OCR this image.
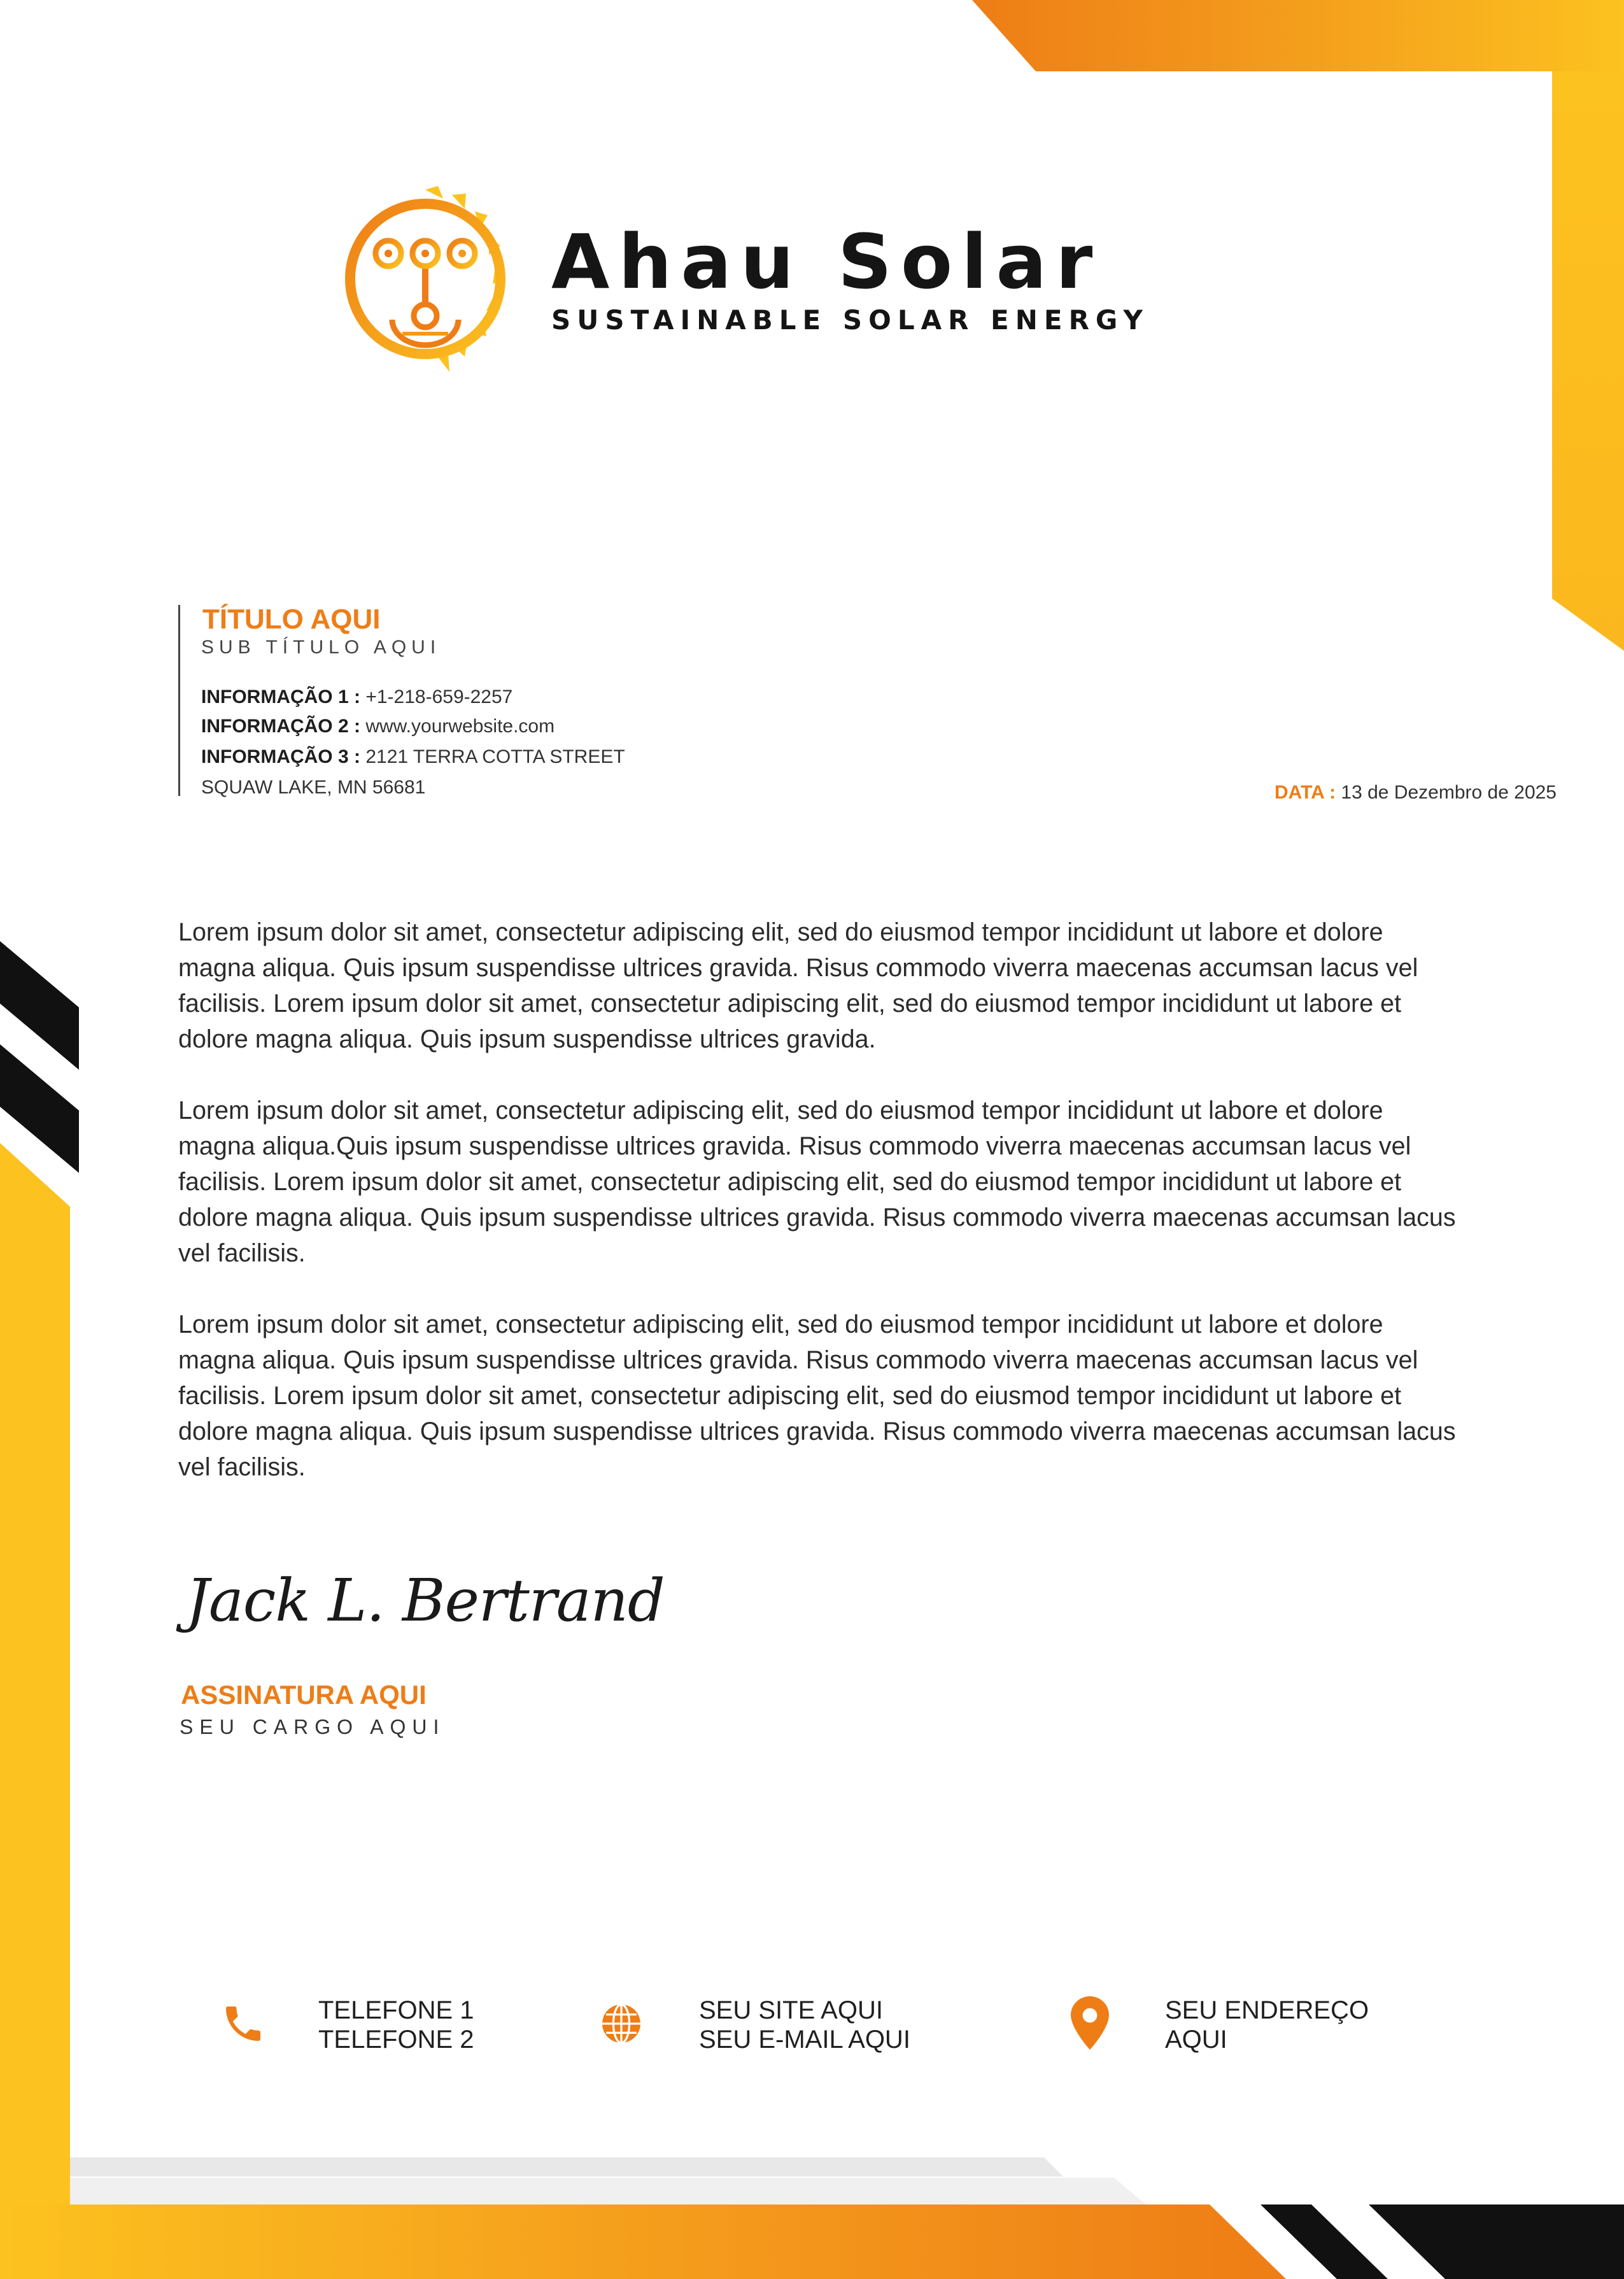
Ahau Solar
SUSTAINABLE SOLAR ENERGY
TÍTULO AQUI
SUB TÍTULO AQUI
INFORMAÇÃO 1 : +1-218-659-2257
INFORMAÇÃO 2 : www.yourwebsite.com
INFORMAÇÃO 3 : 2121 TERRA COTTA STREET
SQUAW LAKE, MN 56681	DATA : 13 de Dezembro de 2025

Lorem ipsum dolor sit amet, consectetur adipiscing elit, sed do eiusmod tempor incididunt ut labore et dolore magna aliqua. Quis ipsum suspendisse ultrices gravida. Risus commodo viverra maecenas accumsan lacus vel facilisis. Lorem ipsum dolor sit amet, consectetur adipiscing elit, sed do eiusmod tempor incididunt ut labore et dolore magna aliqua. Quis ipsum suspendisse ultrices gravida.

Lorem ipsum dolor sit amet, consectetur adipiscing elit, sed do eiusmod tempor incididunt ut labore et dolore magna aliqua.Quis ipsum suspendisse ultrices gravida. Risus commodo viverra maecenas accumsan lacus vel facilisis. Lorem ipsum dolor sit amet, consectetur adipiscing elit, sed do eiusmod tempor incididunt ut labore et dolore magna aliqua. Quis ipsum suspendisse ultrices gravida. Risus commodo viverra maecenas accumsan lacus vel facilisis.

Lorem ipsum dolor sit amet, consectetur adipiscing elit, sed do eiusmod tempor incididunt ut labore et dolore magna aliqua. Quis ipsum suspendisse ultrices gravida. Risus commodo viverra maecenas accumsan lacus vel facilisis. Lorem ipsum dolor sit amet, consectetur adipiscing elit, sed do eiusmod tempor incididunt ut labore et dolore magna aliqua. Quis ipsum suspendisse ultrices gravida. Risus commodo viverra maecenas accumsan lacus vel facilisis.

Jack L. Bertrand
ASSINATURA AQUI
SEU CARGO AQUI
TELEFONE 1
TELEFONE 2
SEU SITE AQUI
SEU E-MAIL AQUI
SEU ENDEREÇO
AQUI
